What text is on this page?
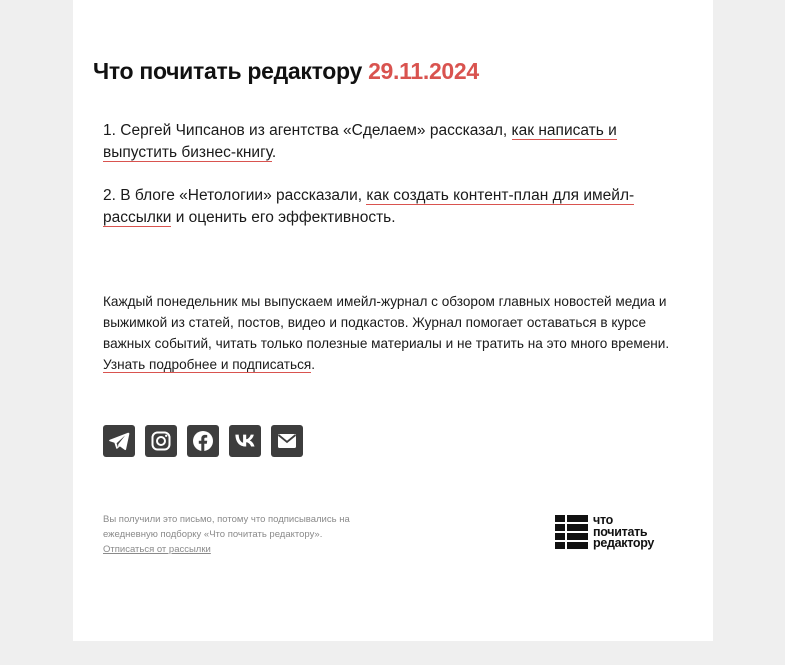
Что почитать редактору 29.11.2024

1. Сергей Чипсанов из агентства «Сделаем» рассказал, как написать и выпустить бизнес-книгу.

2. В блоге «Нетологии» рассказали, как создать контент-план для имейл-рассылки и оценить его эффективность.

Каждый понедельник мы выпускаем имейл-журнал с обзором главных новостей медиа и выжимкой из статей, постов, видео и подкастов. Журнал помогает оставаться в курсе важных событий, читать только полезные материалы и не тратить на это много времени. Узнать подробнее и подписаться.

Вы получили это письмо, потому что подписывались на ежедневную подборку «Что почитать редактору».

Отписаться от рассылки
что
почитать
редактору
